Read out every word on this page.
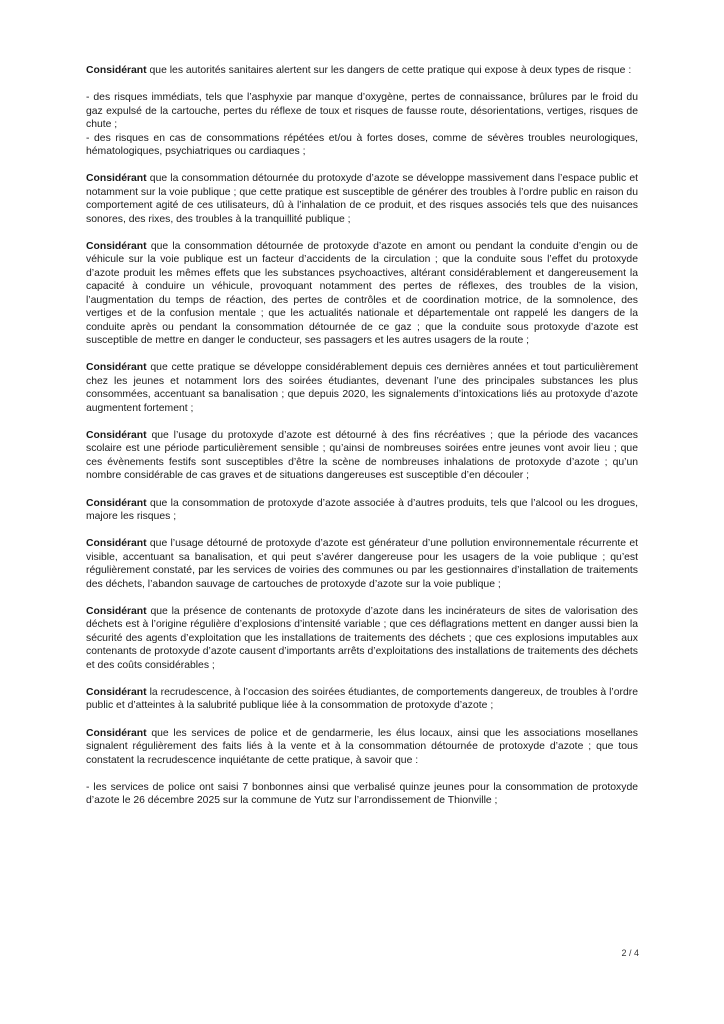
Considérant que les autorités sanitaires alertent sur les dangers de cette pratique qui expose à deux types de risque :

- des risques immédiats, tels que l’asphyxie par manque d’oxygène, pertes de connaissance, brûlures par le froid du gaz expulsé de la cartouche, pertes du réflexe de toux et risques de fausse route, désorientations, vertiges, risques de chute ;

- des risques en cas de consommations répétées et/ou à fortes doses, comme de sévères troubles neurologiques, hématologiques, psychiatriques ou cardiaques ;

Considérant que la consommation détournée du protoxyde d’azote se développe massivement dans l’espace public et notamment sur la voie publique ; que cette pratique est susceptible de générer des troubles à l’ordre public en raison du comportement agité de ces utilisateurs, dû à l’inhalation de ce produit, et des risques associés tels que des nuisances sonores, des rixes, des troubles à la tranquillité publique ;

Considérant que la consommation détournée de protoxyde d’azote en amont ou pendant la conduite d’engin ou de véhicule sur la voie publique est un facteur d’accidents de la circulation ; que la conduite sous l’effet du protoxyde d’azote produit les mêmes effets que les substances psychoactives, altérant considérablement et dangereusement la capacité à conduire un véhicule, provoquant notamment des pertes de réflexes, des troubles de la vision, l’augmentation du temps de réaction, des pertes de contrôles et de coordination motrice, de la somnolence, des vertiges et de la confusion mentale ; que les actualités nationale et départementale ont rappelé les dangers de la conduite après ou pendant la consommation détournée de ce gaz ; que la conduite sous protoxyde d’azote est susceptible de mettre en danger le conducteur, ses passagers et les autres usagers de la route ;

Considérant que cette pratique se développe considérablement depuis ces dernières années et tout particulièrement chez les jeunes et notamment lors des soirées étudiantes, devenant l’une des principales substances les plus consommées, accentuant sa banalisation ; que depuis 2020, les signalements d’intoxications liés au protoxyde d’azote augmentent fortement ;

Considérant que l’usage du protoxyde d’azote est détourné à des fins récréatives ; que la période des vacances scolaire est une période particulièrement sensible ; qu’ainsi de nombreuses soirées entre jeunes vont avoir lieu ; que ces évènements festifs sont susceptibles d’être la scène de nombreuses inhalations de protoxyde d’azote ; qu’un nombre considérable de cas graves et de situations dangereuses est susceptible d’en découler ;

Considérant que la consommation de protoxyde d’azote associée à d’autres produits, tels que l’alcool ou les drogues, majore les risques ;

Considérant que l’usage détourné de protoxyde d’azote est générateur d’une pollution environnementale récurrente et visible, accentuant sa banalisation, et qui peut s’avérer dangereuse pour les usagers de la voie publique ; qu’est régulièrement constaté, par les services de voiries des communes ou par les gestionnaires d’installation de traitements des déchets, l’abandon sauvage de cartouches de protoxyde d’azote sur la voie publique ;

Considérant que la présence de contenants de protoxyde d’azote dans les incinérateurs de sites de valorisation des déchets est à l’origine régulière d’explosions d’intensité variable ; que ces déflagrations mettent en danger aussi bien la sécurité des agents d’exploitation que les installations de traitements des déchets ; que ces explosions imputables aux contenants de protoxyde d’azote causent d’importants arrêts d’exploitations des installations de traitements des déchets et des coûts considérables ;

Considérant la recrudescence, à l’occasion des soirées étudiantes, de comportements dangereux, de troubles à l’ordre public et d’atteintes à la salubrité publique liée à la consommation de protoxyde d’azote ;

Considérant que les services de police et de gendarmerie, les élus locaux, ainsi que les associations mosellanes signalent régulièrement des faits liés à la vente et à la consommation détournée de protoxyde d’azote ; que tous constatent la recrudescence inquiétante de cette pratique, à savoir que :

- les services de police ont saisi 7 bonbonnes ainsi que verbalisé quinze jeunes pour la consommation de protoxyde d’azote le 26 décembre 2025 sur la commune de Yutz sur l’arrondissement de Thionville ;

2 / 4
